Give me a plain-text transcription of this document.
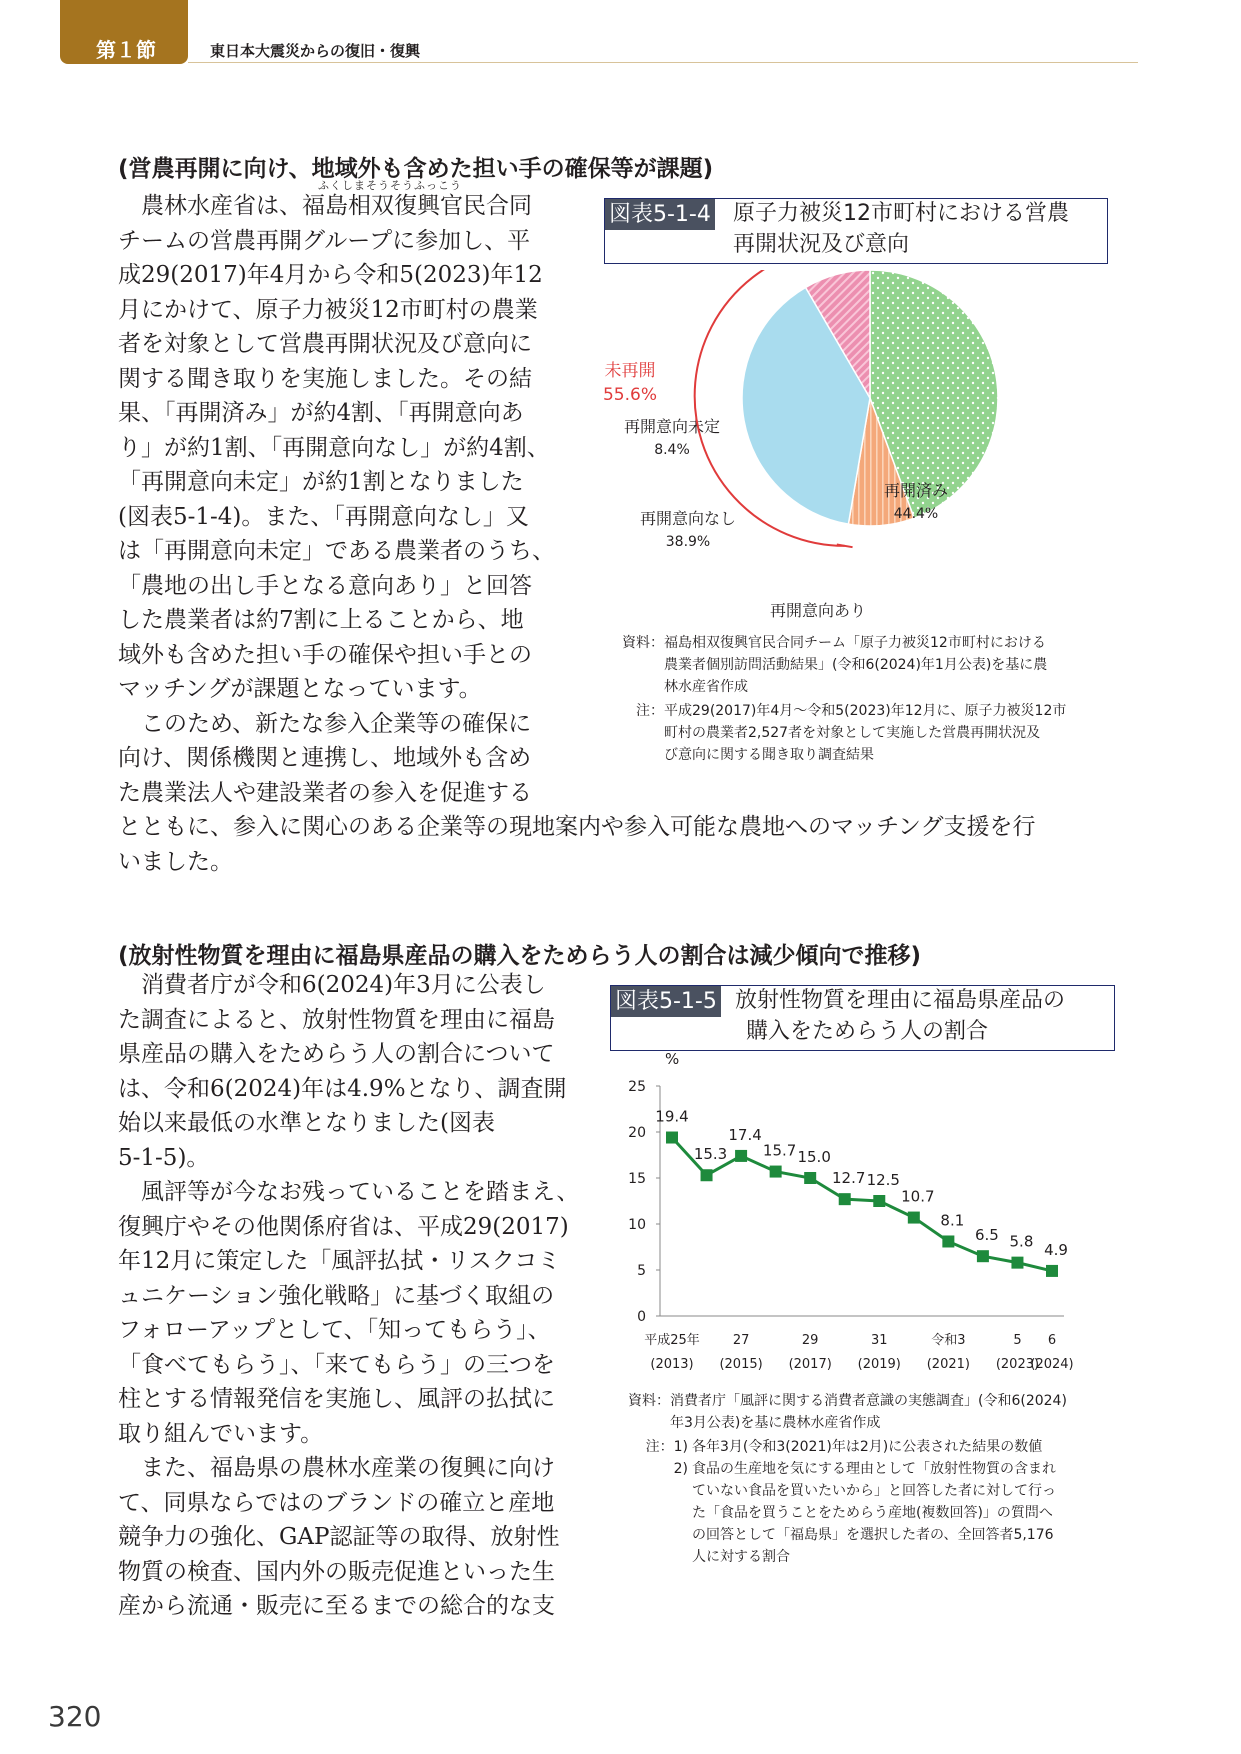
第１節	東日本大震災からの復旧・復興
(営農再開に向け、地域外も含めた担い手の確保等が課題)
ふくしまそうそうふっこう
農林水産省は、福島相双復興官民合同
チームの営農再開グループに参加し、平
成29(2017)年4月から令和5(2023)年12
月にかけて、原子力被災12市町村の農業
者を対象として営農再開状況及び意向に
関する聞き取りを実施しました。その結
果、「再開済み」が約4割、「再開意向あ
り」が約1割、「再開意向なし」が約4割、
「再開意向未定」が約1割となりました
(図表5-1-4)。また、「再開意向なし」又
は「再開意向未定」である農業者のうち、
「農地の出し手となる意向あり」と回答
した農業者は約7割に上ることから、地
域外も含めた担い手の確保や担い手との
マッチングが課題となっています。
このため、新たな参入企業等の確保に
向け、関係機関と連携し、地域外も含め
た農業法人や建設業者の参入を促進する
とともに、参入に関心のある企業等の現地案内や参入可能な農地へのマッチング支援を行
いました。
図表5-1-4 原子力被災12市町村における営農
再開状況及び意向
再開済み
44.4%
再開意向あり
再開意向なし
38.9%
再開意向未定
8.4%
未再開
55.6%
資料： 福島相双復興官民合同チーム「原子力被災12市町村における
農業者個別訪問活動結果」(令和6(2024)年1月公表)を基に農
林水産省作成
注： 平成29(2017)年4月～令和5(2023)年12月に、原子力被災12市
町村の農業者2,527者を対象として実施した営農再開状況及
び意向に関する聞き取り調査結果
(放射性物質を理由に福島県産品の購入をためらう人の割合は減少傾向で推移)
消費者庁が令和6(2024)年3月に公表し
た調査によると、放射性物質を理由に福島
県産品の購入をためらう人の割合について
は、令和6(2024)年は4.9%となり、調査開
始以来最低の水準となりました(図表
5-1-5)。
風評等が今なお残っていることを踏まえ、
復興庁やその他関係府省は、平成29(2017)
年12月に策定した「風評払拭・リスクコミ
ュニケーション強化戦略」に基づく取組の
フォローアップとして、「知ってもらう」、
「食べてもらう」、「来てもらう」の三つを
柱とする情報発信を実施し、風評の払拭に
取り組んでいます。
また、福島県の農林水産業の復興に向け
て、同県ならではのブランドの確立と産地
競争力の強化、GAP認証等の取得、放射性
物質の検査、国内外の販売促進といった生
産から流通・販売に至るまでの総合的な支
図表5-1-5 放射性物質を理由に福島県産品の
購入をためらう人の割合
%
0
5
10
15
20
25
平成25年
(2013)
27
(2015)
29
(2017)
31
(2019)
令和3
(2021)
5
(2023)
6
(2024)
19.4
15.3
17.4
15.7 15.0
12.7 12.5
10.7
8.1
6.5 5.8 4.9
資料： 消費者庁「風評に関する消費者意識の実態調査」(令和6(2024)
年3月公表)を基に農林水産省作成
注：1) 各年3月(令和3(2021)年は2月)に公表された結果の数値
2) 食品の生産地を気にする理由として「放射性物質の含まれ
ていない食品を買いたいから」と回答した者に対して行っ
た「食品を買うことをためらう産地(複数回答)」の質問へ
の回答として「福島県」を選択した者の、全回答者5,176
人に対する割合
320
